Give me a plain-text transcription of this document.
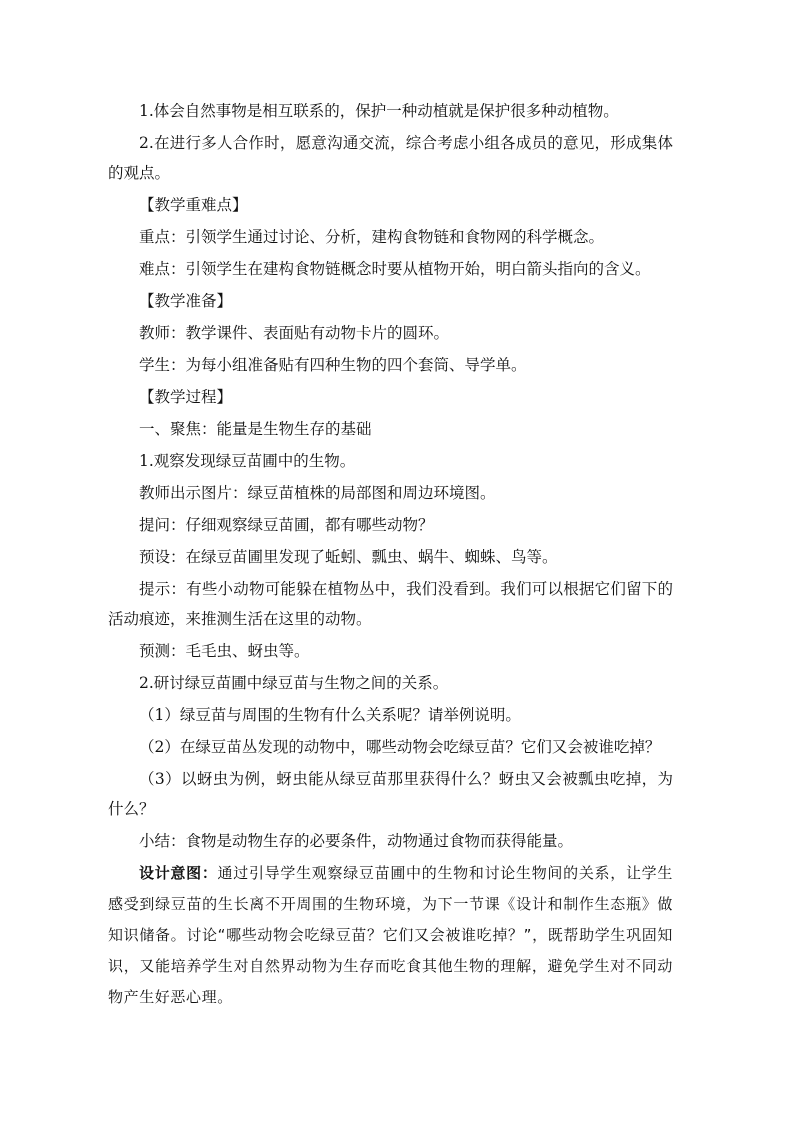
1.体会自然事物是相互联系的，保护一种动植就是保护很多种动植物。

2.在进行多人合作时，愿意沟通交流，综合考虑小组各成员的意见，形成集体的观点。

【教学重难点】

重点：引领学生通过讨论、分析，建构食物链和食物网的科学概念。

难点：引领学生在建构食物链概念时要从植物开始，明白箭头指向的含义。

【教学准备】

教师：教学课件、表面贴有动物卡片的圆环。

学生：为每小组准备贴有四种生物的四个套筒、导学单。

【教学过程】

一、聚焦：能量是生物生存的基础

1.观察发现绿豆苗圃中的生物。

教师出示图片：绿豆苗植株的局部图和周边环境图。

提问：仔细观察绿豆苗圃，都有哪些动物？

预设：在绿豆苗圃里发现了蚯蚓、瓢虫、蜗牛、蜘蛛、鸟等。

提示：有些小动物可能躲在植物丛中，我们没看到。我们可以根据它们留下的活动痕迹，来推测生活在这里的动物。

预测：毛毛虫、蚜虫等。

2.研讨绿豆苗圃中绿豆苗与生物之间的关系。

（1）绿豆苗与周围的生物有什么关系呢？请举例说明。

（2）在绿豆苗丛发现的动物中，哪些动物会吃绿豆苗？它们又会被谁吃掉？

（3）以蚜虫为例，蚜虫能从绿豆苗那里获得什么？蚜虫又会被瓢虫吃掉，为什么？

小结：食物是动物生存的必要条件，动物通过食物而获得能量。

设计意图：通过引导学生观察绿豆苗圃中的生物和讨论生物间的关系，让学生感受到绿豆苗的生长离不开周围的生物环境，为下一节课《设计和制作生态瓶》做知识储备。讨论“哪些动物会吃绿豆苗？它们又会被谁吃掉？”，既帮助学生巩固知识，又能培养学生对自然界动物为生存而吃食其他生物的理解，避免学生对不同动物产生好恶心理。
